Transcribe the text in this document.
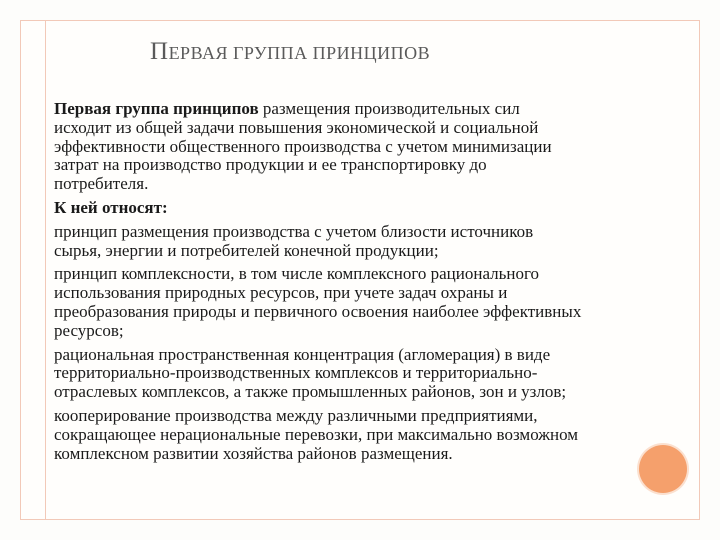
ПЕРВАЯ ГРУППА ПРИНЦИПОВ

Первая группа принципов размещения производительных сил
исходит из общей задачи повышения экономической и социальной
эффективности общественного производства с учетом минимизации
затрат на производство продукции и ее транспортировку до
потребителя.

К ней относят:

принцип размещения производства с учетом близости источников
сырья, энергии и потребителей конечной продукции;

принцип комплексности, в том числе комплексного рационального
использования природных ресурсов, при учете задач охраны и
преобразования природы и первичного освоения наиболее эффективных
ресурсов;

рациональная пространственная концентрация (агломерация) в виде
территориально-производственных комплексов и территориально-
отраслевых комплексов, а также промышленных районов, зон и узлов;

кооперирование производства между различными предприятиями,
сокращающее нерациональные перевозки, при максимально возможном
комплексном развитии хозяйства районов размещения.
